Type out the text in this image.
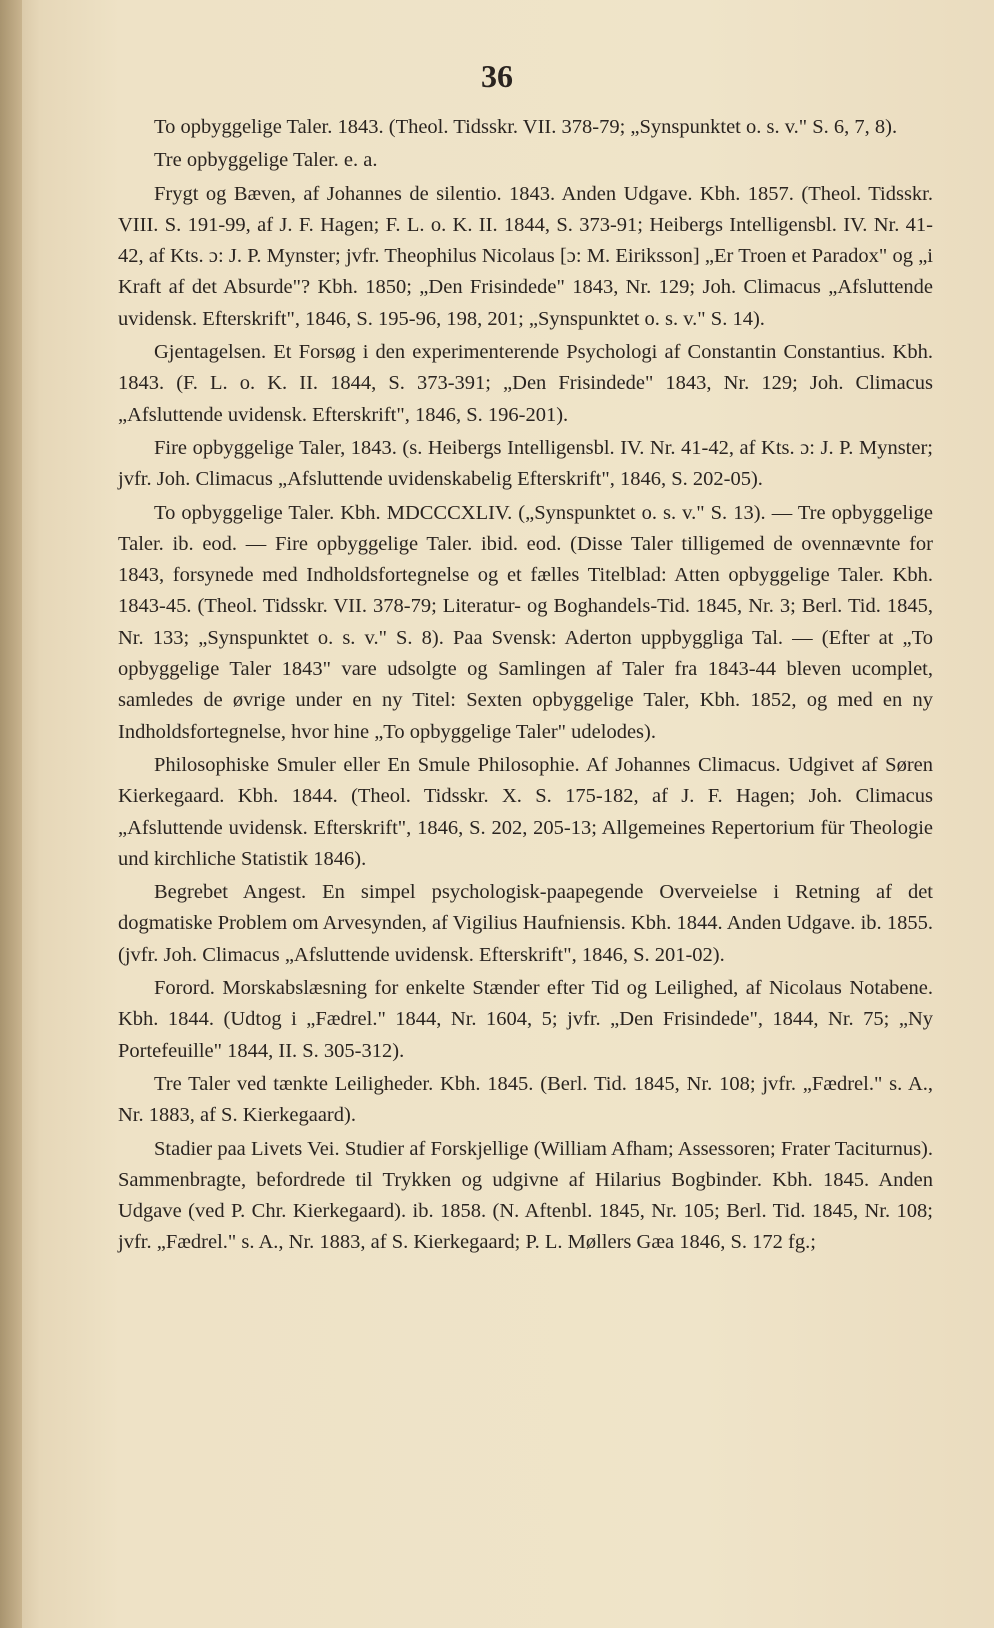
36

To opbyggelige Taler. 1843. (Theol. Tidsskr. VII. 378-79; „Synspunktet o. s. v." S. 6, 7, 8).

Tre opbyggelige Taler. e. a.

Frygt og Bæven, af Johannes de silentio. 1843. Anden Udgave. Kbh. 1857. (Theol. Tidsskr. VIII. S. 191-99, af J. F. Hagen; F. L. o. K. II. 1844, S. 373-91; Heibergs Intelligensbl. IV. Nr. 41-42, af Kts. ɔ: J. P. Mynster; jvfr. Theophilus Nicolaus [ɔ: M. Eiriksson] „Er Troen et Paradox" og „i Kraft af det Absurde"? Kbh. 1850; „Den Frisindede" 1843, Nr. 129; Joh. Climacus „Afsluttende uvidensk. Efterskrift", 1846, S. 195-96, 198, 201; „Synspunktet o. s. v." S. 14).

Gjentagelsen. Et Forsøg i den experimenterende Psychologi af Constantin Constantius. Kbh. 1843. (F. L. o. K. II. 1844, S. 373-391; „Den Frisindede" 1843, Nr. 129; Joh. Climacus „Afsluttende uvidensk. Efterskrift", 1846, S. 196-201).

Fire opbyggelige Taler, 1843. (s. Heibergs Intelligensbl. IV. Nr. 41-42, af Kts. ɔ: J. P. Mynster; jvfr. Joh. Climacus „Afsluttende uvidenskabelig Efterskrift", 1846, S. 202-05).

To opbyggelige Taler. Kbh. MDCCCXLIV. („Synspunktet o. s. v." S. 13). — Tre opbyggelige Taler. ib. eod. — Fire opbyggelige Taler. ibid. eod. (Disse Taler tilligemed de ovennævnte for 1843, forsynede med Indholdsfortegnelse og et fælles Titelblad: Atten opbyggelige Taler. Kbh. 1843-45. (Theol. Tidsskr. VII. 378-79; Literatur- og Boghandels-Tid. 1845, Nr. 3; Berl. Tid. 1845, Nr. 133; „Synspunktet o. s. v." S. 8). Paa Svensk: Aderton uppbyggliga Tal. — (Efter at „To opbyggelige Taler 1843" vare udsolgte og Samlingen af Taler fra 1843-44 bleven ucomplet, samledes de øvrige under en ny Titel: Sexten opbyggelige Taler, Kbh. 1852, og med en ny Indholdsfortegnelse, hvor hine „To opbyggelige Taler" udelodes).

Philosophiske Smuler eller En Smule Philosophie. Af Johannes Climacus. Udgivet af Søren Kierkegaard. Kbh. 1844. (Theol. Tidsskr. X. S. 175-182, af J. F. Hagen; Joh. Climacus „Afsluttende uvidensk. Efterskrift", 1846, S. 202, 205-13; Allgemeines Repertorium für Theologie und kirchliche Statistik 1846).

Begrebet Angest. En simpel psychologisk-paapegende Overveielse i Retning af det dogmatiske Problem om Arvesynden, af Vigilius Haufniensis. Kbh. 1844. Anden Udgave. ib. 1855. (jvfr. Joh. Climacus „Afsluttende uvidensk. Efterskrift", 1846, S. 201-02).

Forord. Morskabslæsning for enkelte Stænder efter Tid og Leilighed, af Nicolaus Notabene. Kbh. 1844. (Udtog i „Fædrel." 1844, Nr. 1604, 5; jvfr. „Den Frisindede", 1844, Nr. 75; „Ny Portefeuille" 1844, II. S. 305-312).

Tre Taler ved tænkte Leiligheder. Kbh. 1845. (Berl. Tid. 1845, Nr. 108; jvfr. „Fædrel." s. A., Nr. 1883, af S. Kierkegaard).

Stadier paa Livets Vei. Studier af Forskjellige (William Afham; Assessoren; Frater Taciturnus). Sammenbragte, befordrede til Trykken og udgivne af Hilarius Bogbinder. Kbh. 1845. Anden Udgave (ved P. Chr. Kierkegaard). ib. 1858. (N. Aftenbl. 1845, Nr. 105; Berl. Tid. 1845, Nr. 108; jvfr. „Fædrel." s. A., Nr. 1883, af S. Kierkegaard; P. L. Møllers Gæa 1846, S. 172 fg.;
